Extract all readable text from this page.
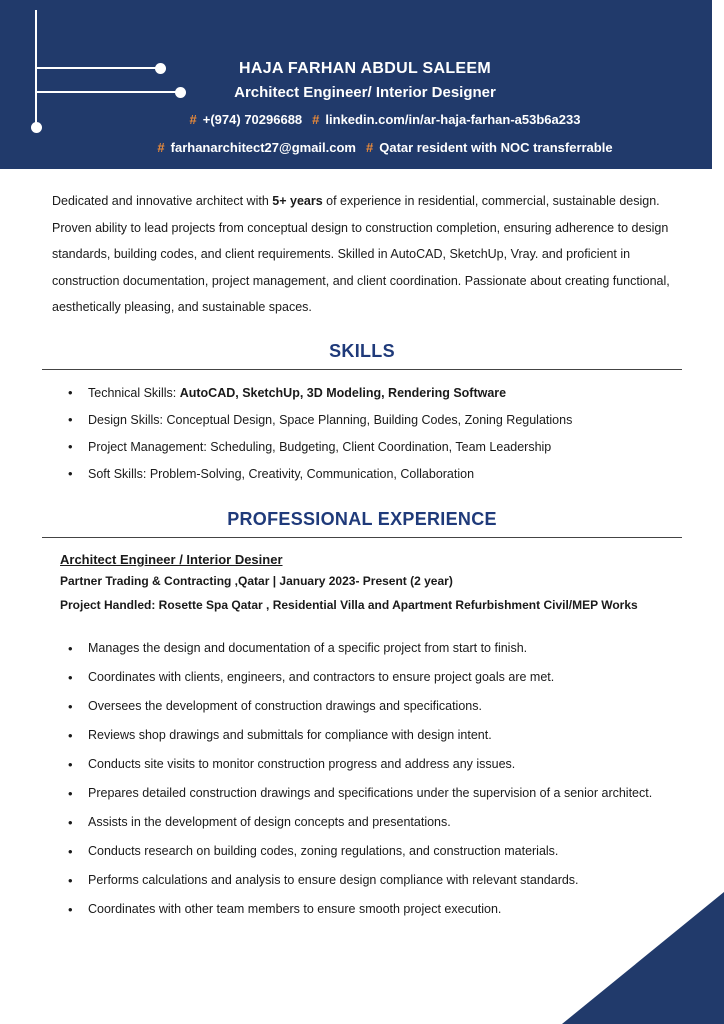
HAJA FARHAN ABDUL SALEEM
Architect Engineer/ Interior Designer
# +(974) 70296688 # linkedin.com/in/ar-haja-farhan-a53b6a233
# farhanarchitect27@gmail.com # Qatar resident with NOC transferrable
Dedicated and innovative architect with 5+ years of experience in residential, commercial, sustainable design. Proven ability to lead projects from conceptual design to construction completion, ensuring adherence to design standards, building codes, and client requirements. Skilled in AutoCAD, SketchUp, Vray. and proficient in construction documentation, project management, and client coordination. Passionate about creating functional, aesthetically pleasing, and sustainable spaces.
SKILLS
• Technical Skills: AutoCAD, SketchUp, 3D Modeling, Rendering Software
• Design Skills: Conceptual Design, Space Planning, Building Codes, Zoning Regulations
• Project Management: Scheduling, Budgeting, Client Coordination, Team Leadership
• Soft Skills: Problem-Solving, Creativity, Communication, Collaboration
PROFESSIONAL EXPERIENCE
Architect Engineer / Interior Desiner
Partner Trading & Contracting ,Qatar | January 2023- Present (2 year)
Project Handled: Rosette Spa Qatar , Residential Villa and Apartment Refurbishment Civil/MEP Works
• Manages the design and documentation of a specific project from start to finish.
• Coordinates with clients, engineers, and contractors to ensure project goals are met.
• Oversees the development of construction drawings and specifications.
• Reviews shop drawings and submittals for compliance with design intent.
• Conducts site visits to monitor construction progress and address any issues.
• Prepares detailed construction drawings and specifications under the supervision of a senior architect.
• Assists in the development of design concepts and presentations.
• Conducts research on building codes, zoning regulations, and construction materials.
• Performs calculations and analysis to ensure design compliance with relevant standards.
• Coordinates with other team members to ensure smooth project execution.
